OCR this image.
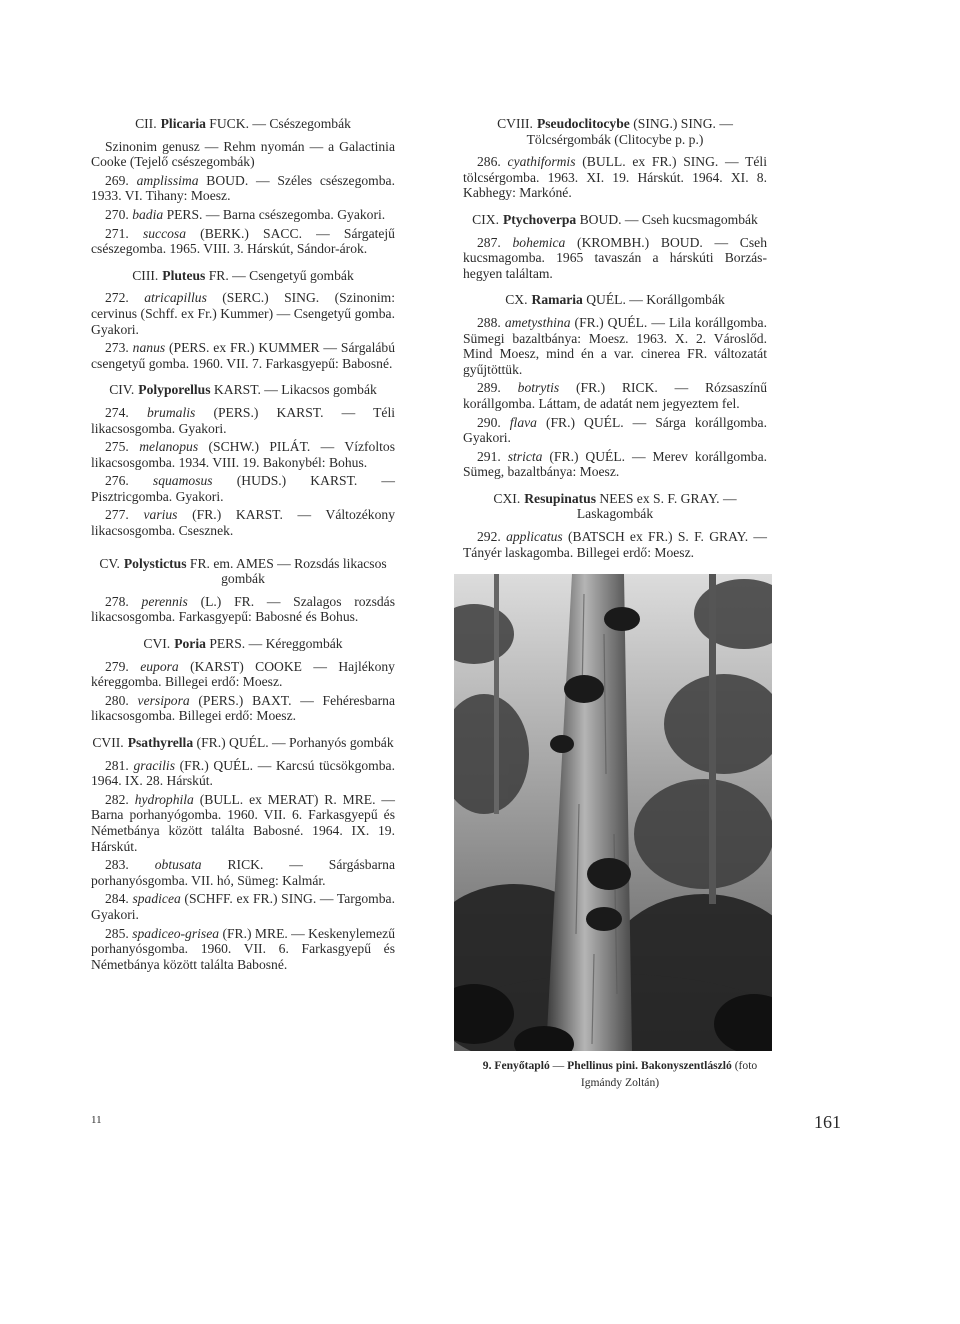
CII. Plicaria FUCK. — Csészegombák
Szinonim genusz — Rehm nyomán — a Galactinia Cooke (Tejelő csészegombák)
269. amplissima BOUD. — Széles csészegomba. 1933. VI. Tihany: Moesz.
270. badia PERS. — Barna csészegomba. Gyakori.
271. succosa (BERK.) SACC. — Sárgatejű csészegomba. 1965. VIII. 3. Hárskút, Sándor-árok.
CIII. Pluteus FR. — Csengetyű gombák
272. atricapillus (SERC.) SING. (Szinonim: cervinus (Schff. ex Fr.) Kummer) — Csengetyű gomba. Gyakori.
273. nanus (PERS. ex FR.) KUMMER — Sárgalábú csengetyű gomba. 1960. VII. 7. Farkasgyepű: Babosné.
CIV. Polyporellus KARST. — Likacsos gombák
274. brumalis (PERS.) KARST. — Téli likacsosgomba. Gyakori.
275. melanopus (SCHW.) PILÁT. — Vízfoltos likacsosgomba. 1934. VIII. 19. Bakonybél: Bohus.
276. squamosus (HUDS.) KARST. — Pisztricgomba. Gyakori.
277. varius (FR.) KARST. — Változékony likacsosgomba. Csesznek.
CV. Polystictus FR. em. AMES — Rozsdás likacsos gombák
278. perennis (L.) FR. — Szalagos rozsdás likacsosgomba. Farkasgyepű: Babosné és Bohus.
CVI. Poria PERS. — Kéreggombák
279. eupora (KARST) COOKE — Hajlékony kéreggomba. Billegei erdő: Moesz.
280. versipora (PERS.) BAXT. — Fehéresbarna likacsosgomba. Billegei erdő: Moesz.
CVII. Psathyrella (FR.) QUÉL. — Porhanyós gombák
281. gracilis (FR.) QUÉL. — Karcsú tücsökgomba. 1964. IX. 28. Hárskút.
282. hydrophila (BULL. ex MERAT) R. MRE. — Barna porhanyógomba. 1960. VII. 6. Farkasgyepű és Németbánya között találta Babosné. 1964. IX. 19. Hárskút.
283. obtusata RICK. — Sárgásbarna porhanyósgomba. VII. hó, Sümeg: Kalmár.
284. spadicea (SCHFF. ex FR.) SING. — Targomba. Gyakori.
285. spadiceo-grisea (FR.) MRE. — Keskenylemezű porhanyósgomba. 1960. VII. 6. Farkasgyepű és Németbánya között találta Babosné.
CVIII. Pseudoclitocybe (SING.) SING. — Tölcsérgombák (Clitocybe p. p.)
286. cyathiformis (BULL. ex FR.) SING. — Téli tölcsérgomba. 1963. XI. 19. Hárskút. 1964. XI. 8. Kabhegy: Markóné.
CIX. Ptychoverpa BOUD. — Cseh kucsmagombák
287. bohemica (KROMBH.) BOUD. — Cseh kucsmagomba. 1965 tavaszán a hárskúti Borzás-hegyen találtam.
CX. Ramaria QUÉL. — Korállgombák
288. ametysthina (FR.) QUÉL. — Lila korállgomba. Sümegi bazaltbánya: Moesz. 1963. X. 2. Városlőd. Mind Moesz, mind én a var. cinerea FR. változatát gyűjtöttük.
289. botrytis (FR.) RICK. — Rózsaszínű korállgomba. Láttam, de adatát nem jegyeztem fel.
290. flava (FR.) QUÉL. — Sárga korállgomba. Gyakori.
291. stricta (FR.) QUÉL. — Merev korállgomba. Sümeg, bazaltbánya: Moesz.
CXI. Resupinatus NEES ex S. F. GRAY. — Laskagombák
292. applicatus (BATSCH ex FR.) S. F. GRAY. — Tányér laskagomba. Billegei erdő: Moesz.
9. Fenyőtapló — Phellinus pini. Bakonyszentlászló (foto Igmándy Zoltán)
11	161
